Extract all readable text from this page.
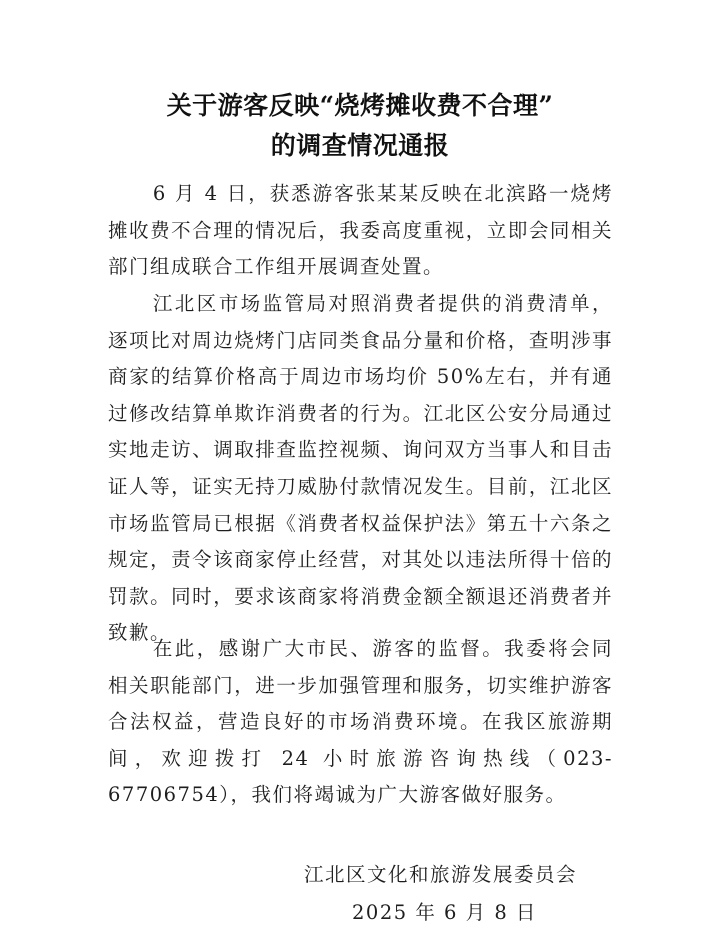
关于游客反映“烧烤摊收费不合理”
的调查情况通报

6 月 4 日，获悉游客张某某反映在北滨路一烧烤摊收费不合理的情况后，我委高度重视，立即会同相关部门组成联合工作组开展调查处置。

江北区市场监管局对照消费者提供的消费清单，逐项比对周边烧烤门店同类食品分量和价格，查明涉事商家的结算价格高于周边市场均价 50%左右，并有通过修改结算单欺诈消费者的行为。江北区公安分局通过实地走访、调取排查监控视频、询问双方当事人和目击证人等，证实无持刀威胁付款情况发生。目前，江北区市场监管局已根据《消费者权益保护法》第五十六条之规定，责令该商家停止经营，对其处以违法所得十倍的罚款。同时，要求该商家将消费金额全额退还消费者并致歉。

在此，感谢广大市民、游客的监督。我委将会同相关职能部门，进一步加强管理和服务，切实维护游客合法权益，营造良好的市场消费环境。在我区旅游期间，欢迎拨打 24 小时旅游咨询热线（023-67706754），我们将竭诚为广大游客做好服务。

江北区文化和旅游发展委员会
2025 年 6 月 8 日
